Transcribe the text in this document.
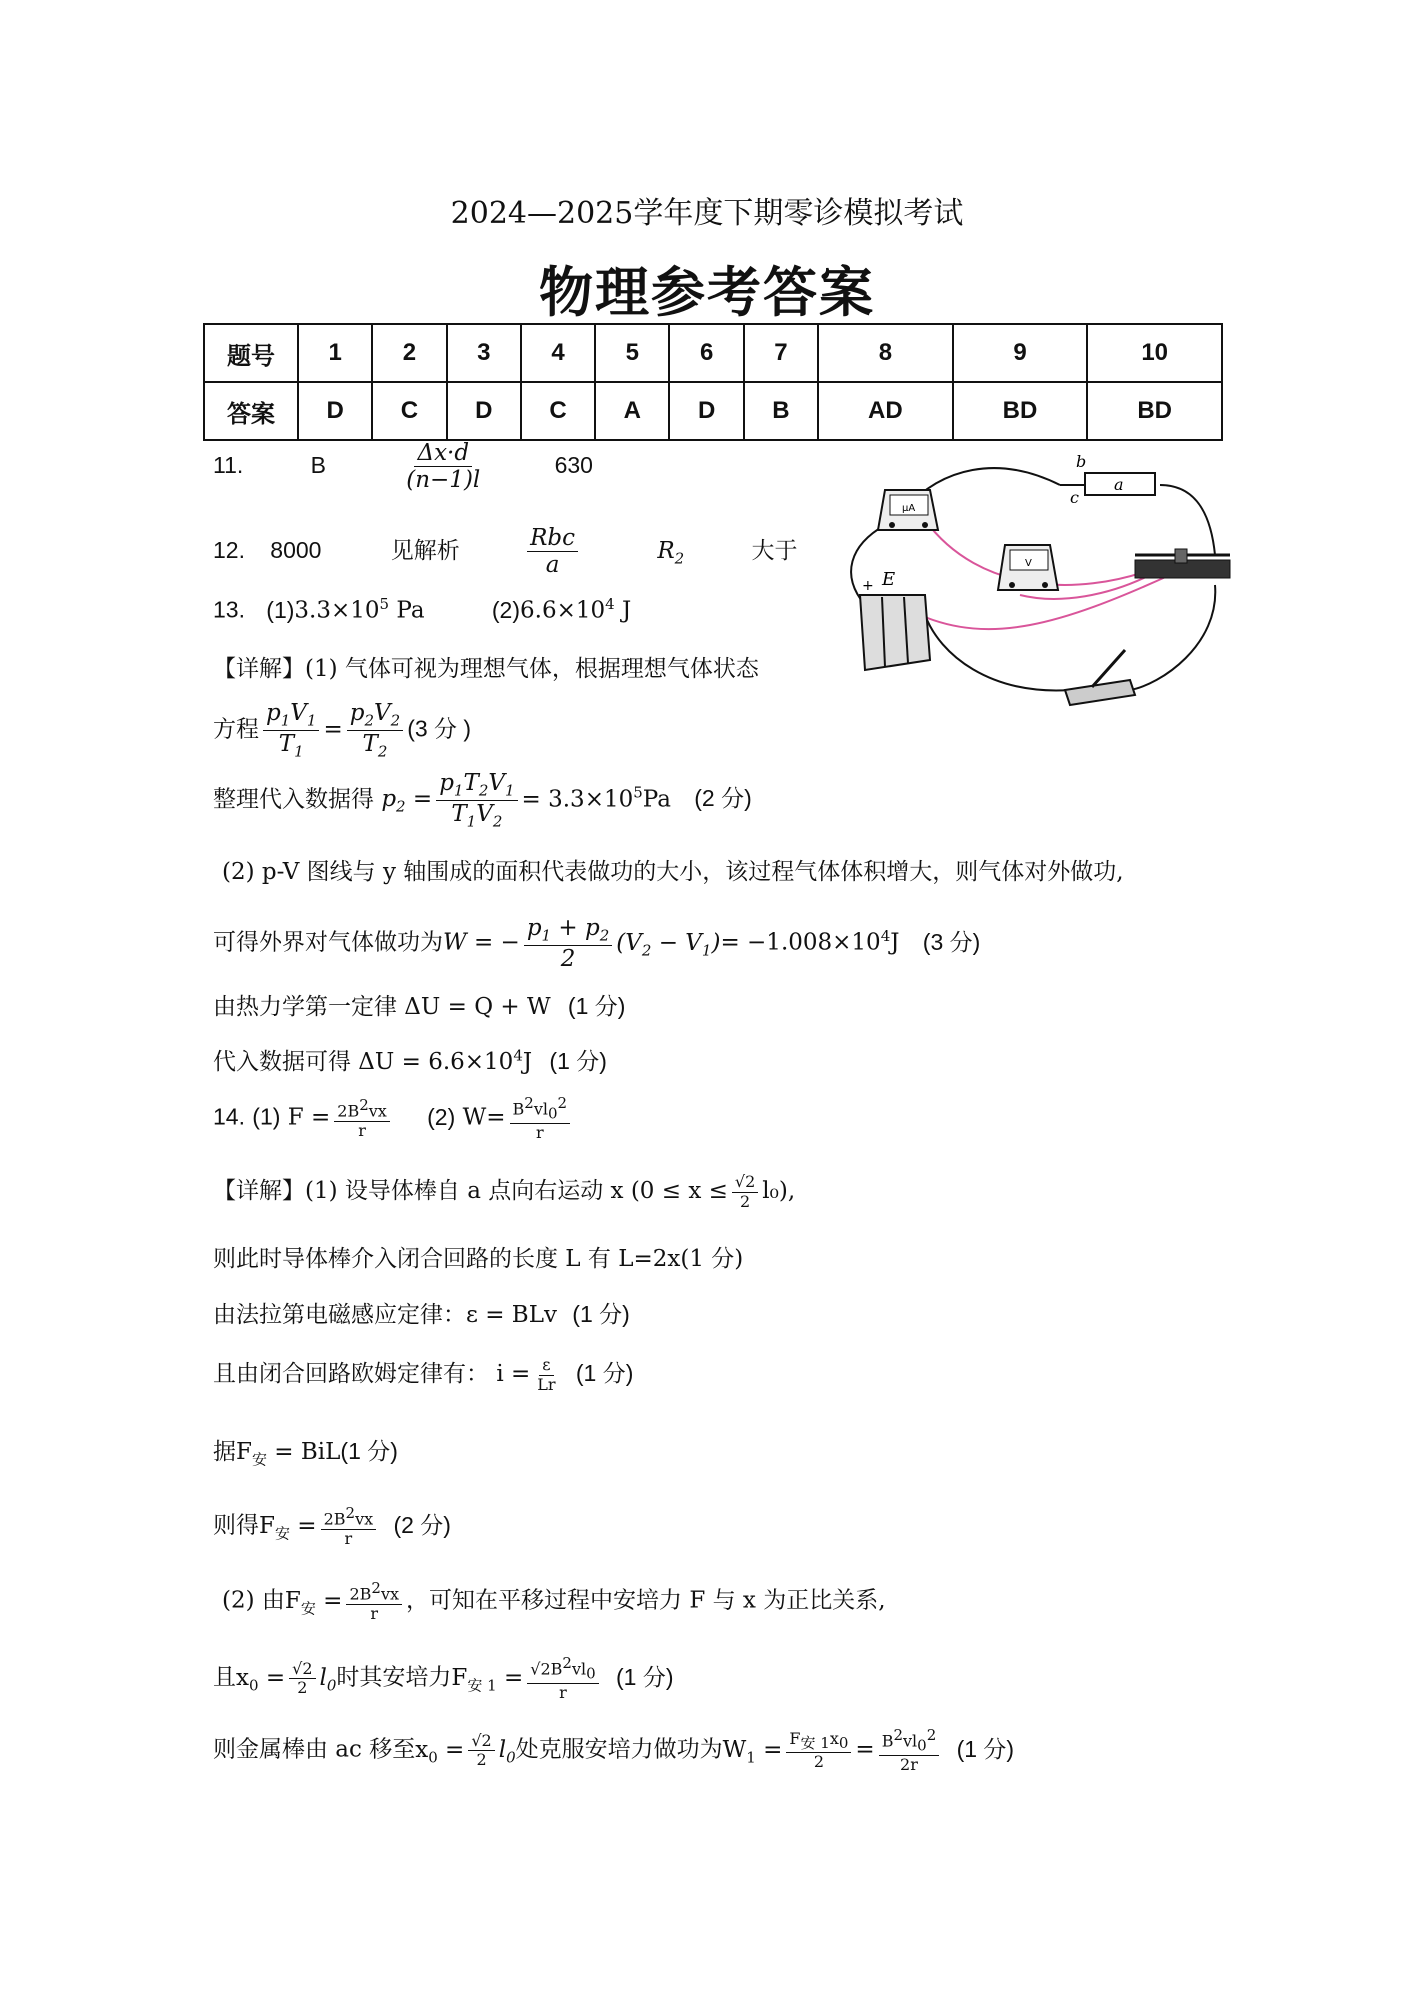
2024—2025学年度下期零诊模拟考试
物理参考答案
题号	1	2	3	4	5	6	7	8	9	10
答案	D	C	D	C	A	D	B	AD	BD	BD
11.	B	$\frac{\Delta x\cdot d}{(n-1)l}$	630
12. 8000	见解析	$\frac{\text{Rbc}}{a}$	$R_2$	大于
13. $(1)3.3\times 10^5$ Pa	$(2)6.6\times 10^4$ J
【详解】(1) 气体可视为理想气体，根据理想气体状态
方程 $\frac{p_1V_1}{T_1} = \frac{p_2V_2}{T_2} (3$ 分 )
整理代入数据得 $p_2 = \frac{p_1T_2V_1}{T_1V_2} = 3.3\times 10^5Pa$ (2 分)
(2) p-V 图线与 y 轴围成的面积代表做功的大小，该过程气体体积增大，则气体对外做功,
可得外界对气体做功为W = − $\frac{p_1 + p_2}{2} (V_2 - V_1)= -1.008\times 10^4J$ (3 分)
由热力学第一定律 ΔU = Q + W (1 分)
代入数据可得 $\Delta U = 6.6\times 10^4J$ (1 分)
14. (1) $F = \frac{2B^2vx}{r} (2)$ $W= \frac{B^2vl_0^2}{r}$
【详解】(1) 设导体棒自 a 点向右运动 x $(0 \le x \le \frac{√2}{2} l_0)$,
则此时导体棒介入闭合回路的长度 L 有 L=2x(1 分)
由法拉第电磁感应定律：ε = BLv (1 分)
且由闭合回路欧姆定律有： $i = \frac{\varepsilon}{Lr} (1$ 分)
据$F_安 = BiL(1$ 分)
则得$F_安 = \frac{2B^2vx}{r} (2$ 分)
(2) 由$F_安 = \frac{2B^2vx}{r}$ ，可知在平移过程中安培力 F 与 x 为正比关系,
且$x_0 = \frac{√2}{2} l_0$时其安培力$F_{安 1} = \frac{√2B^2vl_0}{r} (1$ 分)
则金属棒由 ac 移至$x_0 = \frac{√2}{2} l_0$处克服安培力做功为$W_1 = \frac{F_{安 1}x_0}{2} = \frac{B^2vl_0^2}{2r} (1$ 分)
μA
V
a
b
c
E
+
